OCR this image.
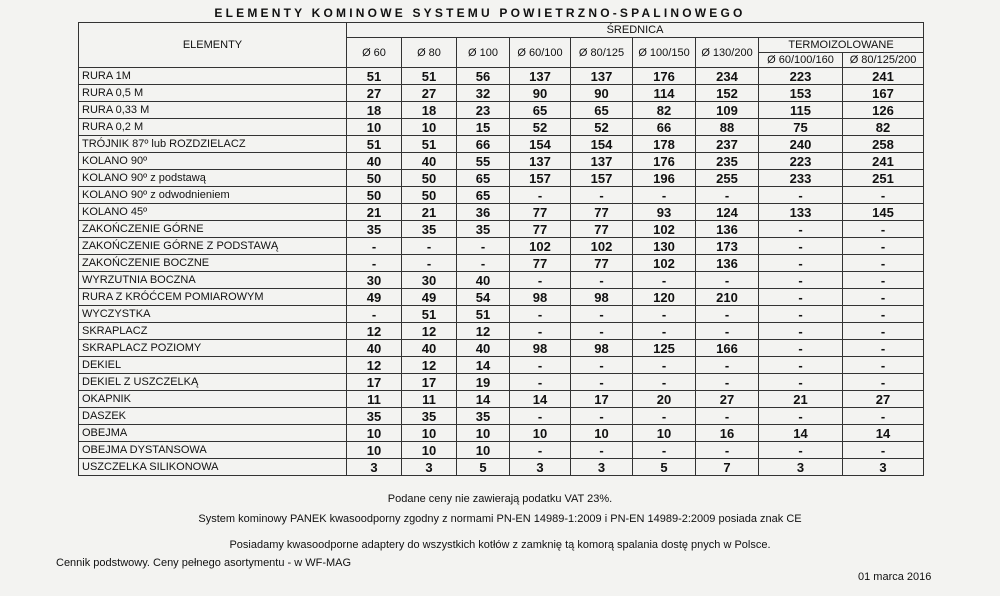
ELEMENTY KOMINOWE SYSTEMU POWIETRZNO-SPALINOWEGO
ELEMENTY	ŚREDNICA								
	Ø 60	Ø 80	Ø 100	Ø 60/100	Ø 80/125	Ø 100/150	Ø 130/200	TERMOIZOLOWANE	
								Ø 60/100/160	Ø 80/125/200
RURA 1M	51	51	56	137	137	176	234	223	241
RURA 0,5 M	27	27	32	90	90	114	152	153	167
RURA 0,33 M	18	18	23	65	65	82	109	115	126
RURA 0,2 M	10	10	15	52	52	66	88	75	82
TRÓJNIK 87º lub ROZDZIELACZ	51	51	66	154	154	178	237	240	258
KOLANO 90º	40	40	55	137	137	176	235	223	241
KOLANO 90º z podstawą	50	50	65	157	157	196	255	233	251
KOLANO 90º z odwodnieniem	50	50	65	-	-	-	-	-	-
KOLANO 45º	21	21	36	77	77	93	124	133	145
ZAKOŃCZENIE GÓRNE	35	35	35	77	77	102	136	-	-
ZAKOŃCZENIE GÓRNE Z PODSTAWĄ	-	-	-	102	102	130	173	-	-
ZAKOŃCZENIE BOCZNE	-	-	-	77	77	102	136	-	-
WYRZUTNIA BOCZNA	30	30	40	-	-	-	-	-	-
RURA Z KRÓĆCEM POMIAROWYM	49	49	54	98	98	120	210	-	-
WYCZYSTKA	-	51	51	-	-	-	-	-	-
SKRAPLACZ	12	12	12	-	-	-	-	-	-
SKRAPLACZ POZIOMY	40	40	40	98	98	125	166	-	-
DEKIEL	12	12	14	-	-	-	-	-	-
DEKIEL Z USZCZELKĄ	17	17	19	-	-	-	-	-	-
OKAPNIK	11	11	14	14	17	20	27	21	27
DASZEK	35	35	35	-	-	-	-	-	-
OBEJMA	10	10	10	10	10	10	16	14	14
OBEJMA DYSTANSOWA	10	10	10	-	-	-	-	-	-
USZCZELKA SILIKONOWA	3	3	5	3	3	5	7	3	3
Podane ceny nie zawierają podatku VAT 23%.
System kominowy PANEK kwasoodporny zgodny z normami PN-EN 14989-1:2009 i PN-EN 14989-2:2009 posiada znak CE
Posiadamy kwasoodporne adaptery do wszystkich kotłów z zamknię tą komorą spalania dostę pnych w Polsce.
Cennik podstwowy. Ceny pełnego asortymentu - w WF-MAG
01 marca 2016
